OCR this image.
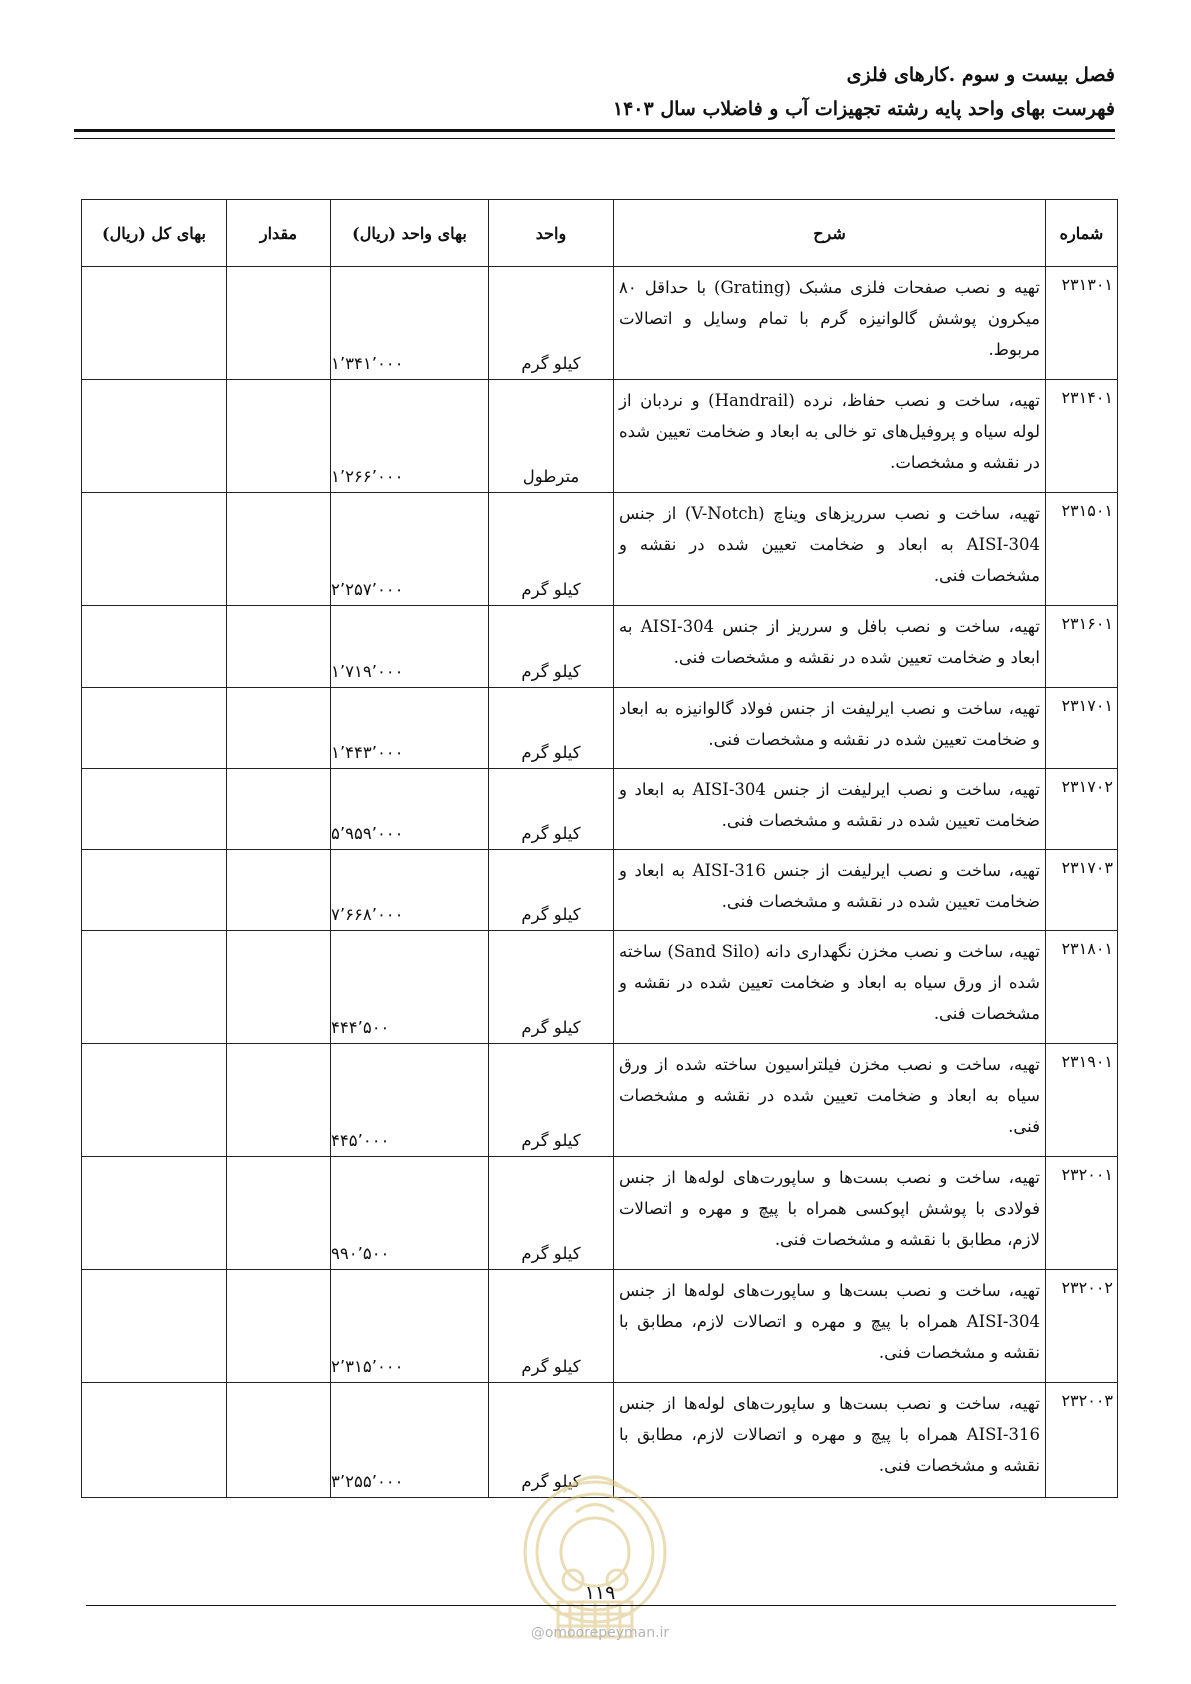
فصل بیست و سوم .کارهای فلزی
فهرست بهای واحد پایه رشته تجهیزات آب و فاضلاب سال ۱۴۰۳
شماره	شرح	واحد	بهای واحد (ریال)	مقدار	بهای کل (ریال)
۲۳۱۳۰۱	تهیه و نصب صفحات فلزی مشبک (Grating) با حداقل ۸۰ میکرون پوشش گالوانیزه گرم با تمام وسایل و اتصالات مربوط.	کیلو گرم	۱٬۳۴۱٬۰۰۰		
۲۳۱۴۰۱	تهیه، ساخت و نصب حفاظ، نرده (Handrail) و نردبان از لوله سیاه و پروفیل‌های تو خالی به ابعاد و ضخامت تعیین شده در نقشه و مشخصات.	مترطول	۱٬۲۶۶٬۰۰۰		
۲۳۱۵۰۱	تهیه، ساخت و نصب سرریزهای ویناچ (V-Notch) از جنس AISI-304 به ابعاد و ضخامت تعیین شده در نقشه و مشخصات فنی.	کیلو گرم	۲٬۲۵۷٬۰۰۰		
۲۳۱۶۰۱	تهیه، ساخت و نصب بافل و سرریز از جنس AISI-304 به ابعاد و ضخامت تعیین شده در نقشه و مشخصات فنی.	کیلو گرم	۱٬۷۱۹٬۰۰۰		
۲۳۱۷۰۱	تهیه، ساخت و نصب ایرلیفت از جنس فولاد گالوانیزه به ابعاد و ضخامت تعیین شده در نقشه و مشخصات فنی.	کیلو گرم	۱٬۴۴۳٬۰۰۰		
۲۳۱۷۰۲	تهیه، ساخت و نصب ایرلیفت از جنس AISI-304 به ابعاد و ضخامت تعیین شده در نقشه و مشخصات فنی.	کیلو گرم	۵٬۹۵۹٬۰۰۰		
۲۳۱۷۰۳	تهیه، ساخت و نصب ایرلیفت از جنس AISI-316 به ابعاد و ضخامت تعیین شده در نقشه و مشخصات فنی.	کیلو گرم	۷٬۶۶۸٬۰۰۰		
۲۳۱۸۰۱	تهیه، ساخت و نصب مخزن نگهداری دانه (Sand Silo) ساخته شده از ورق سیاه به ابعاد و ضخامت تعیین شده در نقشه و مشخصات فنی.	کیلو گرم	۴۴۴٬۵۰۰		
۲۳۱۹۰۱	تهیه، ساخت و نصب مخزن فیلتراسیون ساخته شده از ورق سیاه به ابعاد و ضخامت تعیین شده در نقشه و مشخصات فنی.	کیلو گرم	۴۴۵٬۰۰۰		
۲۳۲۰۰۱	تهیه، ساخت و نصب بست‌ها و ساپورت‌های لوله‌ها از جنس فولادی با پوشش اپوکسی همراه با پیچ و مهره و اتصالات لازم، مطابق با نقشه و مشخصات فنی.	کیلو گرم	۹۹۰٬۵۰۰		
۲۳۲۰۰۲	تهیه، ساخت و نصب بست‌ها و ساپورت‌های لوله‌ها از جنس AISI-304 همراه با پیچ و مهره و اتصالات لازم، مطابق با نقشه و مشخصات فنی.	کیلو گرم	۲٬۳۱۵٬۰۰۰		
۲۳۲۰۰۳	تهیه، ساخت و نصب بست‌ها و ساپورت‌های لوله‌ها از جنس AISI-316 همراه با پیچ و مهره و اتصالات لازم، مطابق با نقشه و مشخصات فنی.	کیلو گرم	۳٬۲۵۵٬۰۰۰		
۱۱۹
@omoorepeyman.ir
